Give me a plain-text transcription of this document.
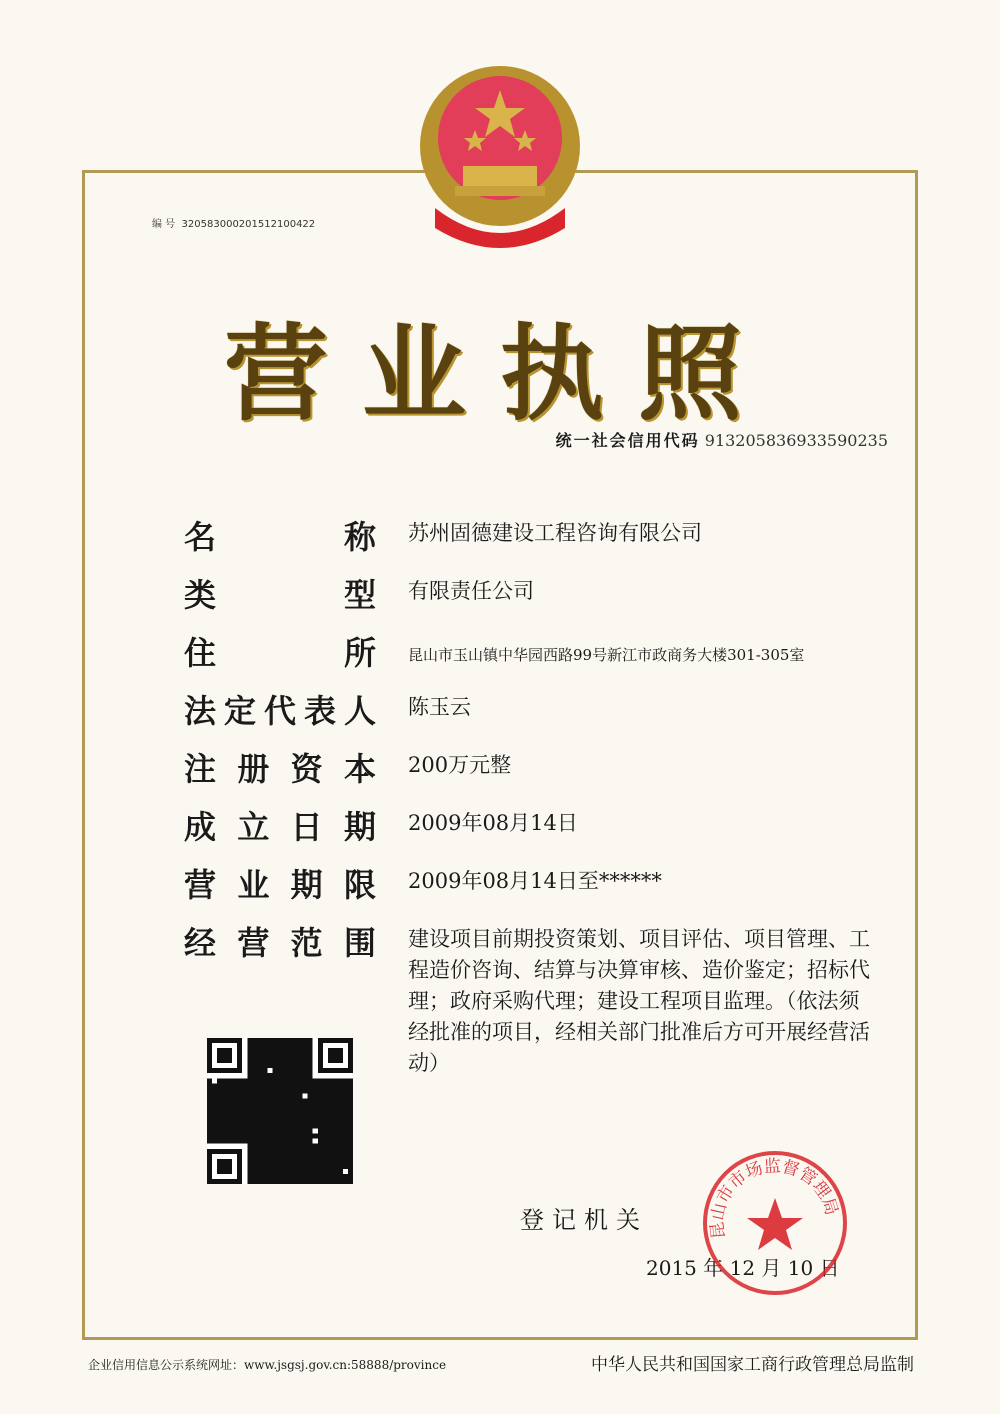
编 号 320583000201512100422
营业执照
统一社会信用代码 913205836933590235
名	称 苏州固德建设工程咨询有限公司
类	型 有限责任公司
住	所 昆山市玉山镇中华园西路99号新江市政商务大楼301-305室
法 定 代 表 人 陈玉云
注 册 资 本 200万元整
成 立 日 期 2009年08月14日
营 业 期 限 2009年08月14日至******
经 营 范 围 建设项目前期投资策划、项目评估、项目管理、工程造价咨询、结算与决算审核、造价鉴定；招标代理；政府采购代理；建设工程项目监理。（依法须经批准的项目，经相关部门批准后方可开展经营活动）
登记机关
2015 年 12 月 10 日
昆山市市场监督管理局
企业信用信息公示系统网址：www.jsgsj.gov.cn:58888/province	中华人民共和国国家工商行政管理总局监制
